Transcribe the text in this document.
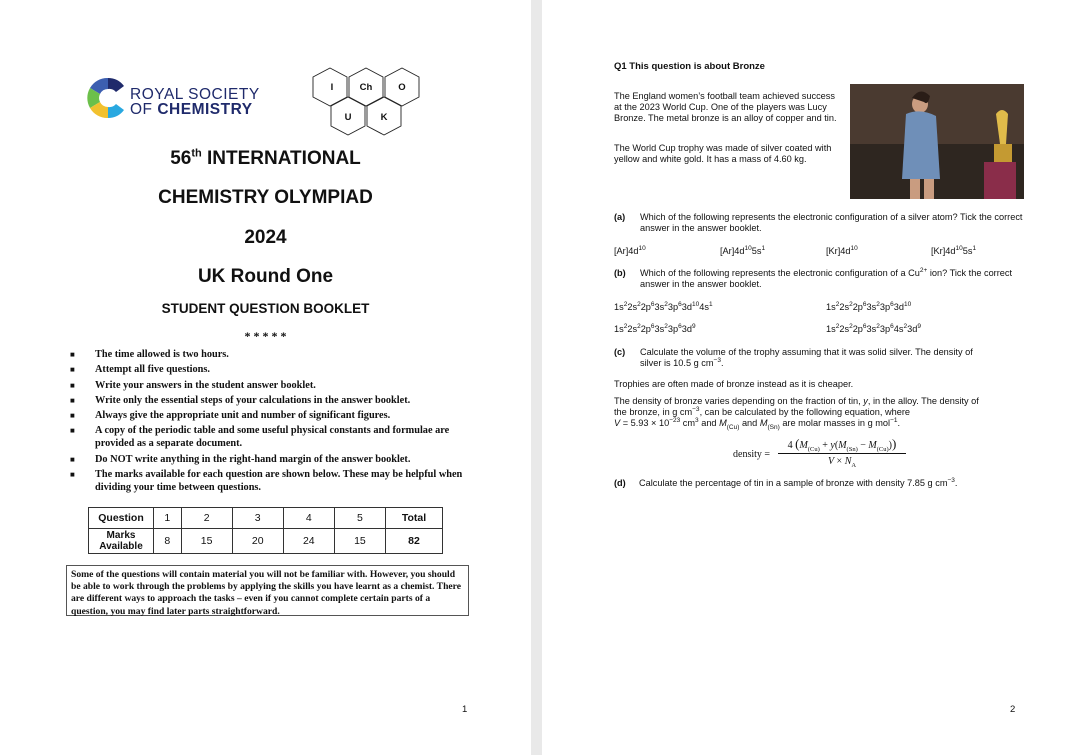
ROYAL SOCIETY
OF CHEMISTRY
I	Ch	O
U	K
56th INTERNATIONAL
CHEMISTRY OLYMPIAD
2024
UK Round One
STUDENT QUESTION BOOKLET
* * * * *
■ The time allowed is two hours.
■ Attempt all five questions.
■ Write your answers in the student answer booklet.
■ Write only the essential steps of your calculations in the answer booklet.
■ Always give the appropriate unit and number of significant figures.
■ A copy of the periodic table and some useful physical constants and formulae are provided as a separate document.
■ Do NOT write anything in the right-hand margin of the answer booklet.
■ The marks available for each question are shown below. These may be helpful when dividing your time between questions.
Question	1	2	3	4	5	Total
Marks Available	8	15	20	24	15	82
Some of the questions will contain material you will not be familiar with. However, you should be able to work through the problems by applying the skills you have learnt as a chemist. There are different ways to approach the tasks – even if you cannot complete certain parts of a question, you may find later parts straightforward.
1
Q1 This question is about Bronze
The England women’s football team achieved success at the 2023 World Cup. One of the players was Lucy Bronze. The metal bronze is an alloy of copper and tin.
The World Cup trophy was made of silver coated with yellow and white gold. It has a mass of 4.60 kg.
(a) Which of the following represents the electronic configuration of a silver atom? Tick the correct answer in the answer booklet.
$[Ar]4d^{10}$	$[Ar]4d^{10}5s^1$	$[Kr]4d^{10}$	$[Kr]4d^{10}5s^1$
(b) Which of the following represents the electronic configuration of a $Cu^{2+}$ ion? Tick the correct answer in the answer booklet.
$1s^22s^22p^63s^23p^63d^{10}4s^1$	$1s^22s^22p^63s^23p^63d^{10}$
$1s^22s^22p^63s^23p^63d^9$	$1s^22s^22p^63s^23p^64s^23d^9$
(c) Calculate the volume of the trophy assuming that it was solid silver. The density of
silver is 10.5 g $cm^{-3}$.
Trophies are often made of bronze instead as it is cheaper.
The density of bronze varies depending on the fraction of tin, y, in the alloy. The density of
the bronze, in g $cm^{-3}$, can be calculated by the following equation, where
$V = 5.93 \times 10^{-23}$ $cm^3$ and $M_{(Cu)}$ and $M_{(Sn)}$ are molar masses in g mol$^{-1}$.
density =
4 $(M_{(Cu)} + y(M_{(Sn)} - M_{(Cu)}))$
$V \times N_A$
(d) Calculate the percentage of tin in a sample of bronze with density 7.85 g $cm^{-3}$.
2
